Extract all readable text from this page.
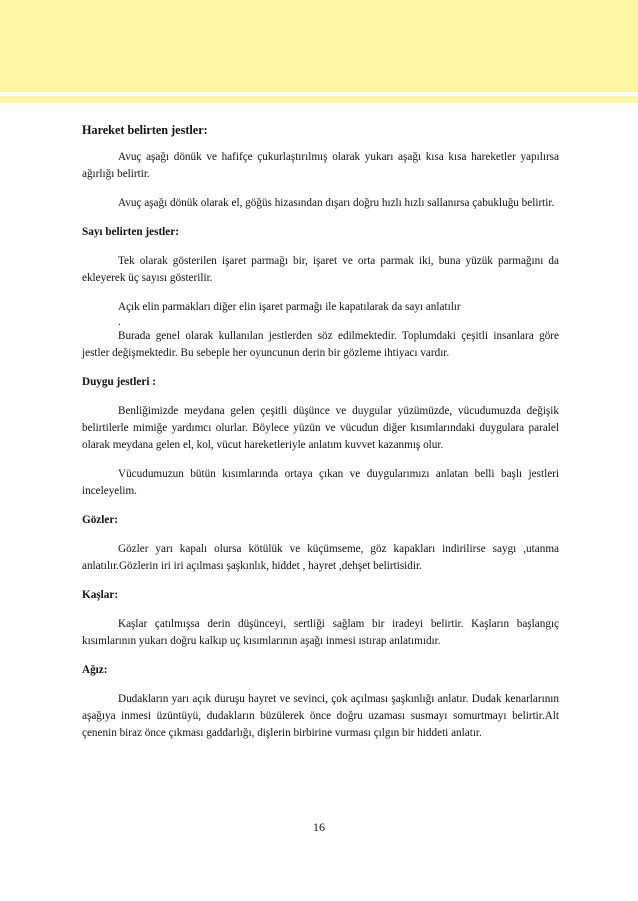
Hareket belirten jestler:

Avuç aşağı dönük ve hafifçe çukurlaştırılmış olarak yukarı aşağı kısa kısa hareketler yapılırsa ağırlığı belirtir.

Avuç aşağı dönük olarak el, göğüs hizasından dışarı doğru hızlı hızlı sallanırsa çabukluğu belirtir.

Sayı belirten jestler:

Tek olarak gösterilen işaret parmağı bir, işaret ve orta parmak iki, buna yüzük parmağını da ekleyerek üç sayısı gösterilir.

Açık elin parmakları diğer elin işaret parmağı ile kapatılarak da sayı anlatılır

.

Burada genel olarak kullanılan jestlerden söz edilmektedir. Toplumdaki çeşitli insanlara göre jestler değişmektedir. Bu sebeple her oyuncunun derin bir gözleme ihtiyacı vardır.

Duygu jestleri :

Benliğimizde meydana gelen çeşitli düşünce ve duygular yüzümüzde, vücudumuzda değişik belirtilerle mimiğe yardımcı olurlar. Böylece yüzün ve vücudun diğer kısımlarındaki duygulara paralel olarak meydana gelen el, kol, vücut hareketleriyle anlatım kuvvet kazanmış olur.

Vücudumuzun bütün kısımlarında ortaya çıkan ve duygularımızı anlatan belli başlı jestleri inceleyelim.

Gözler:

Gözler yarı kapalı olursa kötülük ve küçümseme, göz kapakları indirilirse saygı ,utanma anlatılır.Gözlerin iri iri açılması şaşkınlık, hiddet , hayret ,dehşet belirtisidir.

Kaşlar:

Kaşlar çatılmışsa derin düşünceyi, sertliği sağlam bir iradeyi belirtir. Kaşların başlangıç kısımlarının yukarı doğru kalkıp uç kısımlarının aşağı inmesi ıstırap anlatımıdır.

Ağız:

Dudakların yarı açık duruşu hayret ve sevinci, çok açılması şaşkınlığı anlatır. Dudak kenarlarının aşağıya inmesi üzüntüyü, dudakların büzülerek önce doğru uzaması susmayı somurtmayı belirtir.Alt çenenin biraz önce çıkması gaddarlığı, dişlerin birbirine vurması çılgın bir hiddeti anlatır.

16
